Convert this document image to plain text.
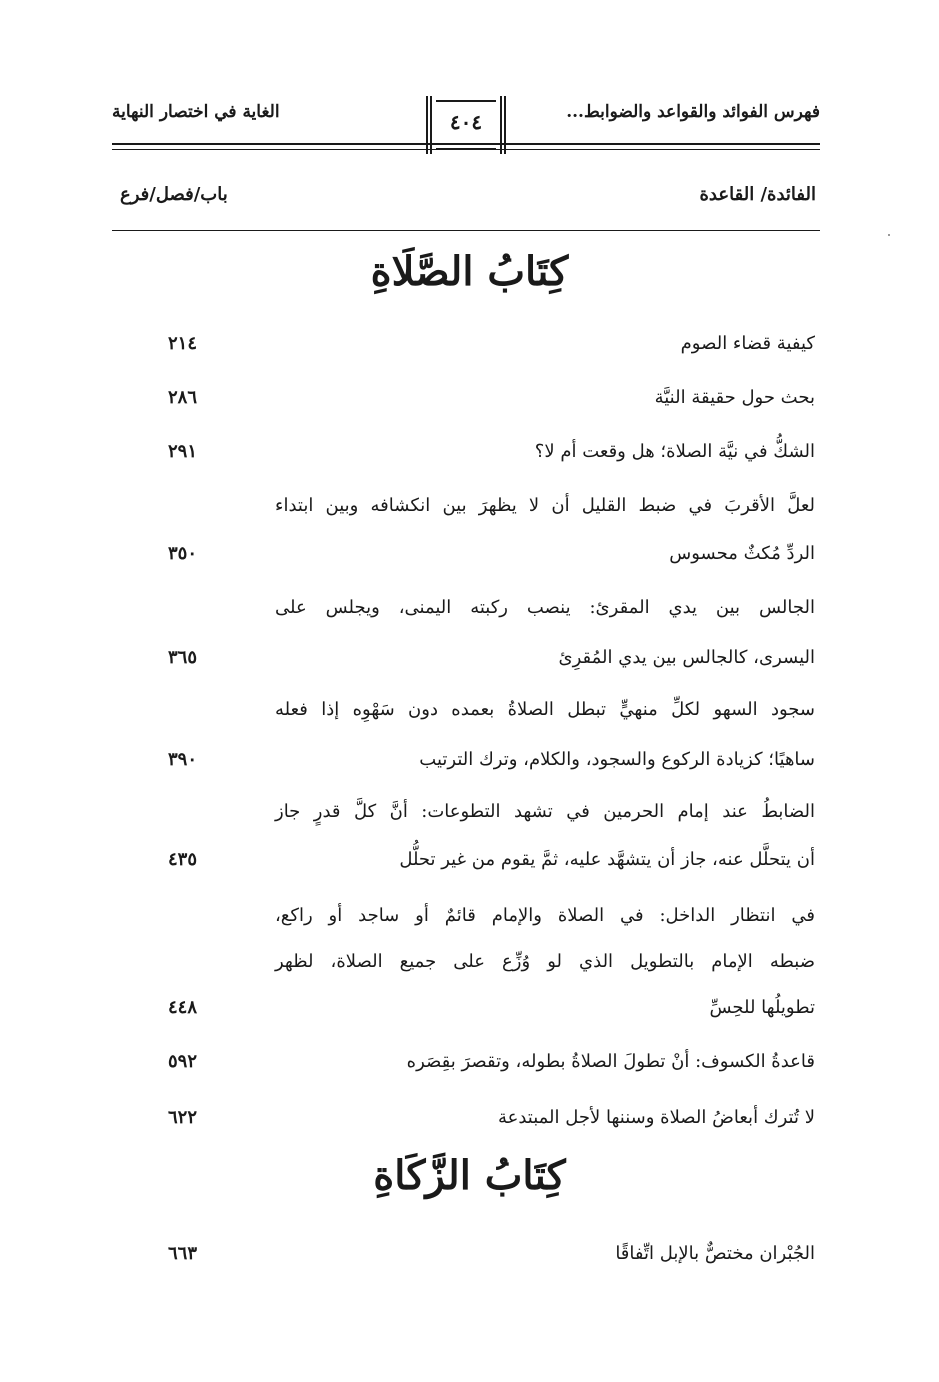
فهرس الفوائد والقواعد والضوابط...
٤٠٤
الغاية في اختصار النهاية
الفائدة/ القاعدة
باب/فصل/فرع
كِتَابُ الصَّلَاةِ
كيفية قضاء الصوم
٢١٤
بحث حول حقيقة النيَّة
٢٨٦
الشكُّ في نيَّة الصلاة؛ هل وقعت أم لا؟
٢٩١
لعلَّ الأقربَ في ضبط القليل أن لا يظهرَ بين انكشافه وبين ابتداء
الردِّ مُكثٌ محسوس
٣٥٠
الجالس بين يدي المقرئ: ينصب ركبته اليمنى، ويجلس على
اليسرى، كالجالس بين يدي المُقرِئ
٣٦٥
سجود السهو لكلِّ منهيٍّ تبطل الصلاةُ بعمده دون سَهْوِه إذا فعله
ساهيًا؛ كزيادة الركوع والسجود، والكلام، وترك الترتيب
٣٩٠
الضابطُ عند إمام الحرمين في تشهد التطوعات: أنَّ كلَّ قدرٍ جاز
أن يتحلَّل عنه، جاز أن يتشهَّد عليه، ثمَّ يقوم من غير تحلُّل
٤٣٥
في انتظار الداخل: في الصلاة والإمام قائمٌ أو ساجد أو راكع،
ضبطه الإمام بالتطويل الذي لو وُزِّع على جميع الصلاة، لظهر
تطويلُها للحِسِّ
٤٤٨
قاعدةُ الكسوف: أنْ تطولَ الصلاةُ بطوله، وتقصرَ بقِصَره
٥٩٢
لا تُترك أبعاضُ الصلاة وسننها لأجل المبتدعة
٦٢٢
كِتَابُ الزَّكَاةِ
الجُبْران مختصٌّ بالإبل اتِّفاقًا
٦٦٣
